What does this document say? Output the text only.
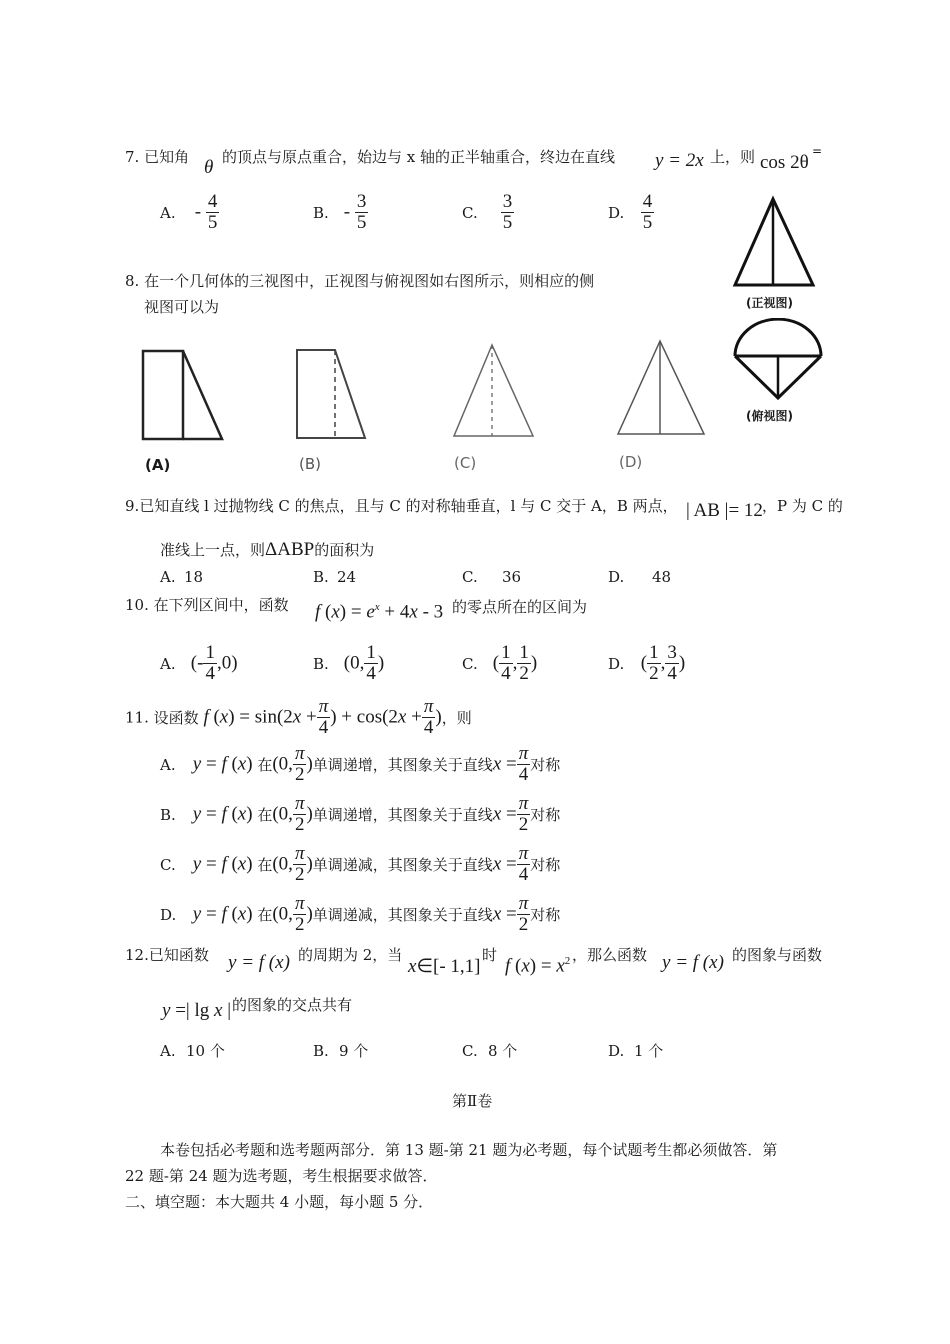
7. 已知角 θ 的顶点与原点重合，始边与 x 轴的正半轴重合，终边在直线 y = 2x 上，则 cos 2θ
=
A. - $\frac{4}{5}$	B. - $\frac{3}{5}$	C. $\frac{3}{5}$	D. $\frac{4}{5}$
(正视图)
(俯视图)
8. 在一个几何体的三视图中，正视图与俯视图如右图所示，则相应的侧
视图可以为
(A)	(B)	(C)	(D)
9.已知直线 l 过抛物线 C 的焦点，且与 C 的对称轴垂直，l 与 C 交于 A，B 两点， | AB |= 12 ，P 为 C 的
准线上一点，则ΔABP的面积为
A. 18	B. 24	C. 36	D. 48
10. 在下列区间中，函数 f $(x) = e^x + 4x - 3$ 的零点所在的区间为
A. (- $\frac{1}{4} ,0$)	B. (0, $\frac{1}{4}$ )	C. ( $\frac{1}{4}$ , $\frac{1}{2}$ )	D. ( $\frac{1}{2}$ , $\frac{3}{4}$ )
11. 设函数 f $(x) = \sin(2x + \frac{\pi}{4}$ ) + $\cos(2x + \frac{\pi}{4}$ )，则
A. y = f (x) 在(0, $\frac{\pi}{2}$ )单调递增，其图象关于直线$x = \frac{\pi}{4}$ 对称
B. y = f (x) 在(0, $\frac{\pi}{2}$ )单调递增，其图象关于直线$x = \frac{\pi}{2}$ 对称
C. y = f (x) 在(0, $\frac{\pi}{2}$ )单调递减，其图象关于直线$x = \frac{\pi}{4}$ 对称
D. y = f (x) 在(0, $\frac{\pi}{2}$ )单调递减，其图象关于直线$x = \frac{\pi}{2}$ 对称
12.已知函数 y = f (x) 的周期为 2，当
x∈[- 1,1]
时
f $(x) = x^2$ ，那么函数 y = f (x) 的图象与函数
y =| lg x | 的图象的交点共有
A. 10 个	B. 9 个	C. 8 个	D. 1 个
第Ⅱ卷
本卷包括必考题和选考题两部分．第 13 题-第 21 题为必考题，每个试题考生都必须做答．第
22 题-第 24 题为选考题，考生根据要求做答．
二、填空题：本大题共 4 小题，每小题 5 分．
